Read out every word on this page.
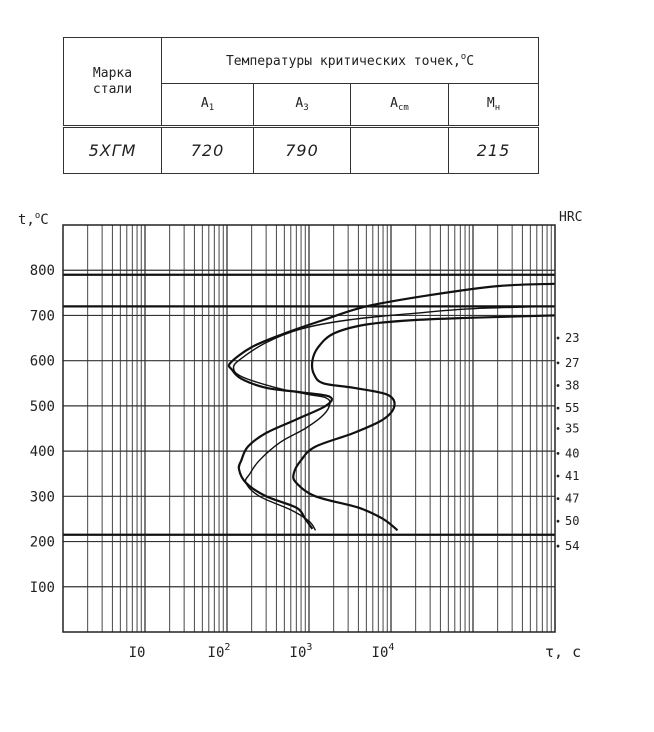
Марка стали	Температуры критических точек,$^о$С			
	$А_1$	$А_3$	$А_{cm}$	$М_н$
5ХГМ	720	790		215
I00
200
300
400
500
600
700
800
I0	$I0^2$	$I0^3$	$I0^4$
23
27
38
55
35
40
41
47
50
54
t,$^о$С	HRC
τ, с
